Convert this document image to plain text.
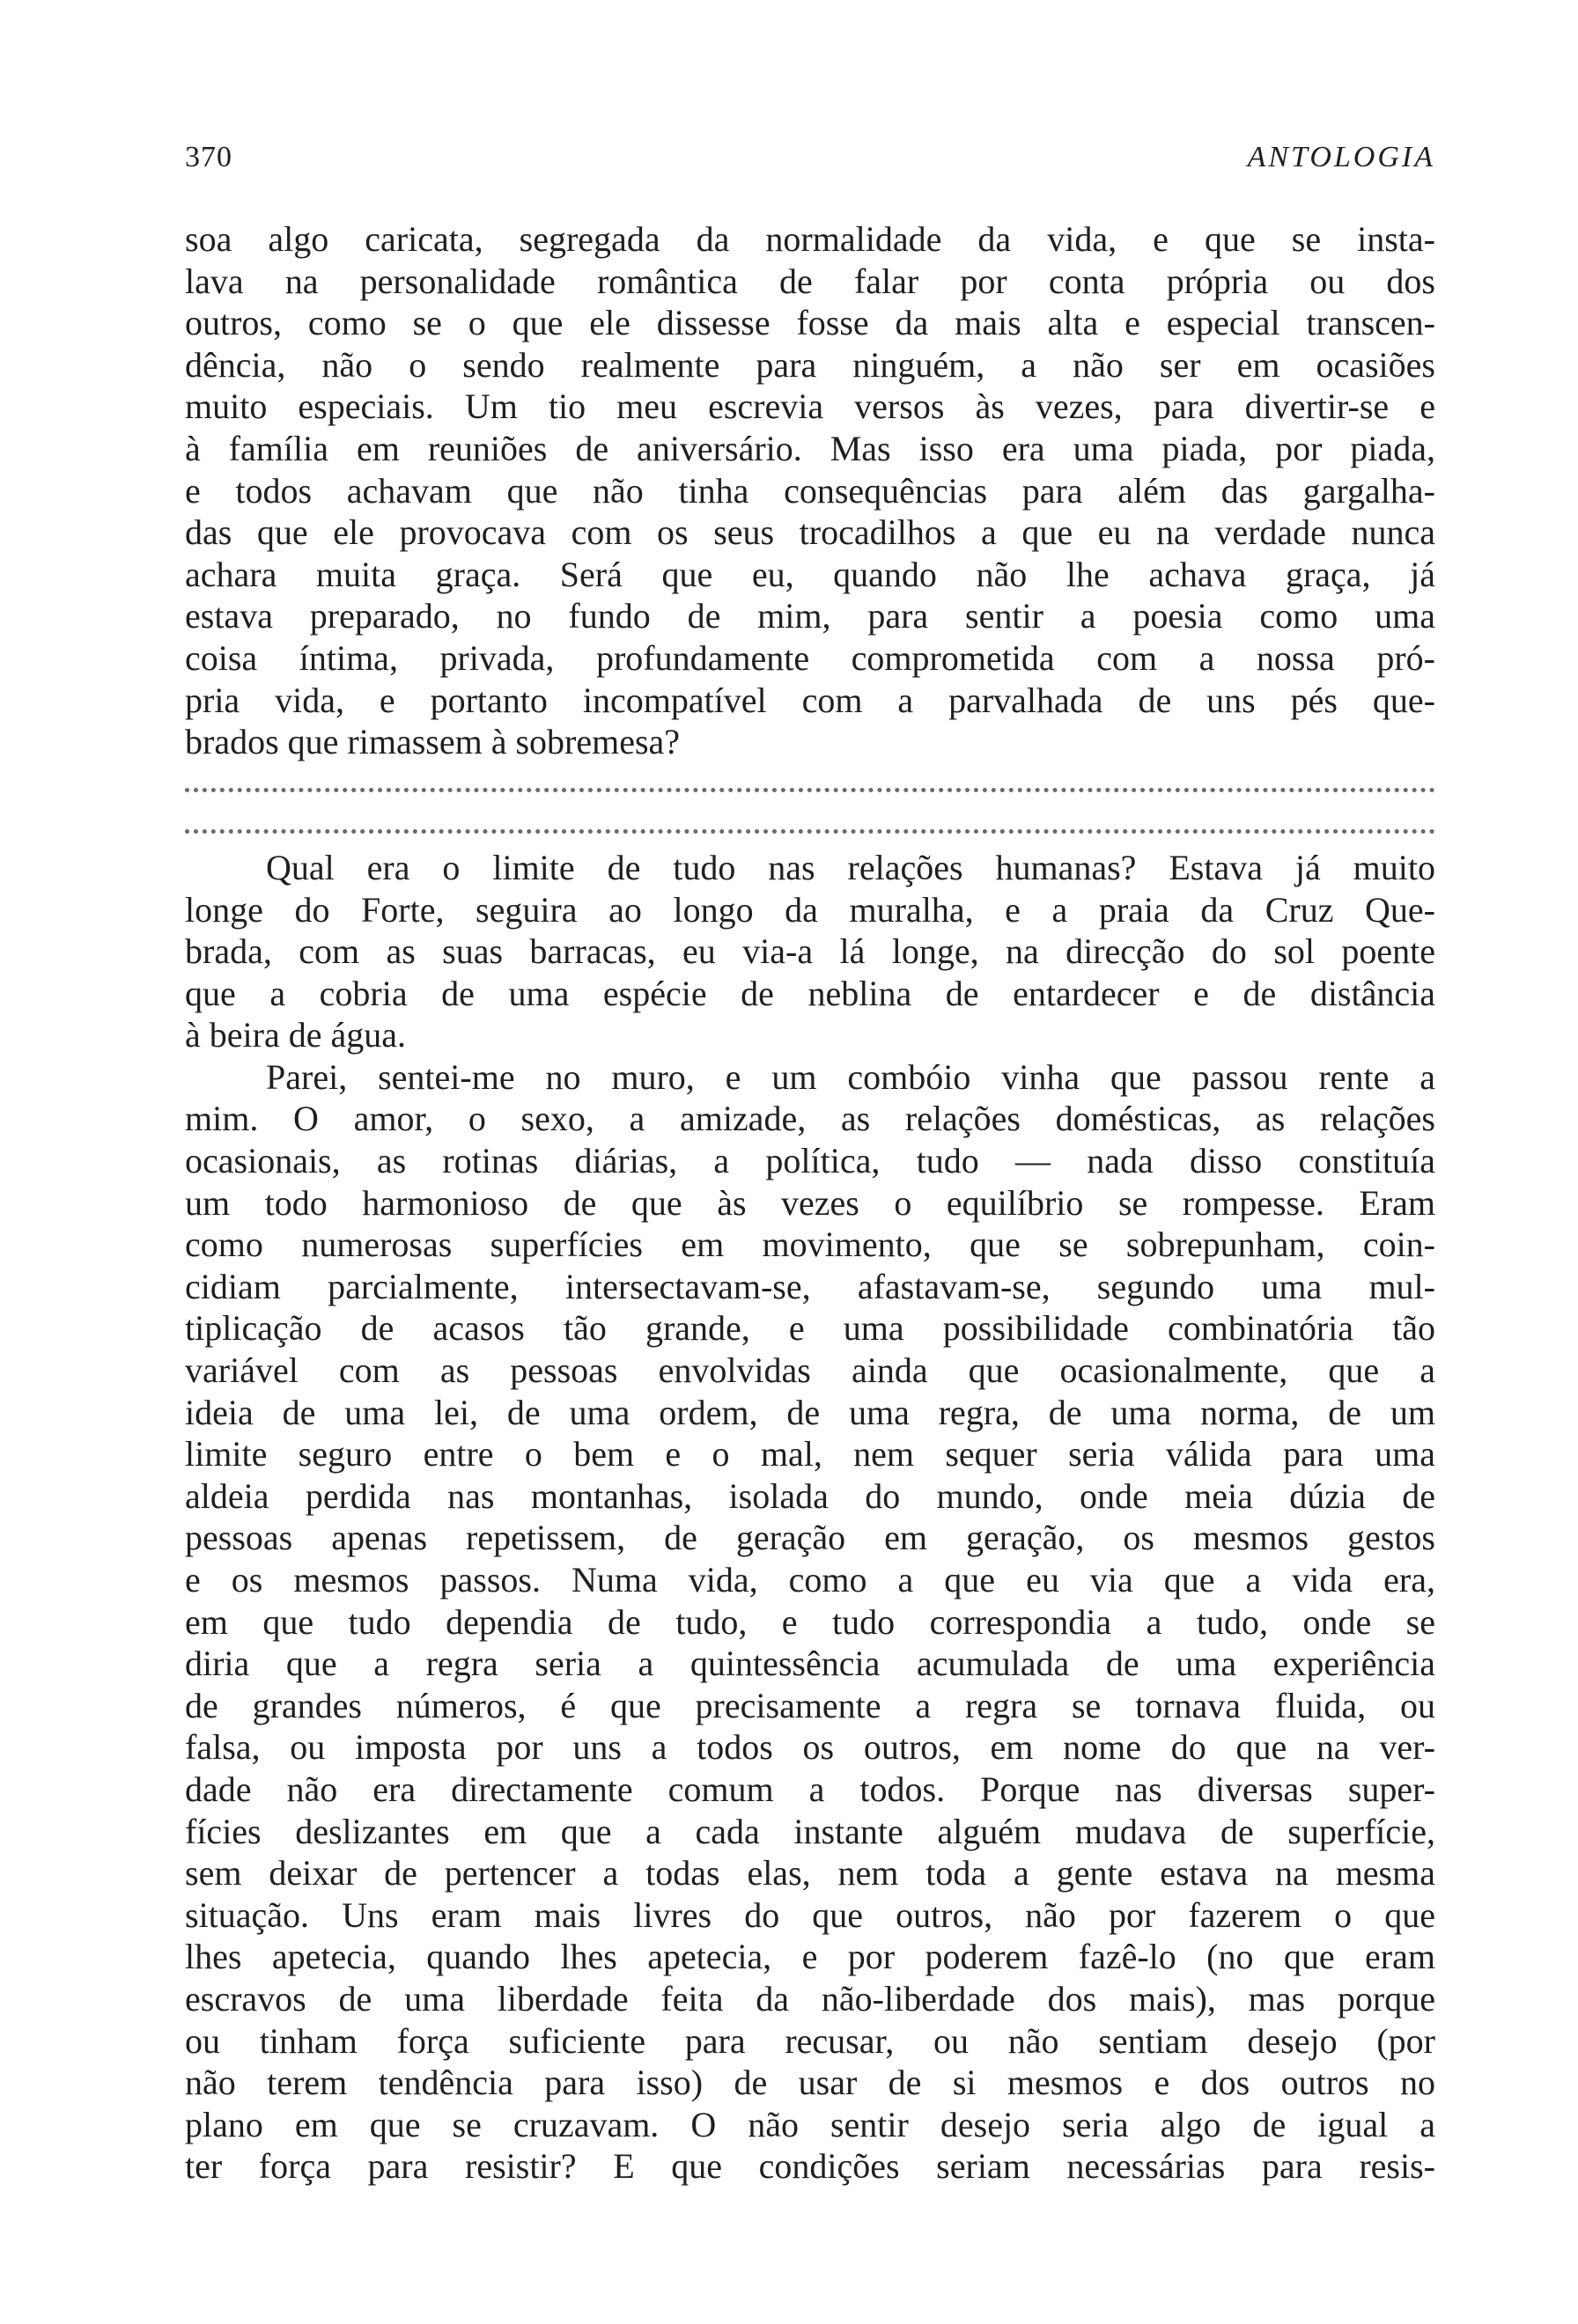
370	ANTOLOGIA
soa algo caricata, segregada da normalidade da vida, e que se insta-
lava na personalidade romântica de falar por conta própria ou dos
outros, como se o que ele dissesse fosse da mais alta e especial transcen-
dência, não o sendo realmente para ninguém, a não ser em ocasiões
muito especiais. Um tio meu escrevia versos às vezes, para divertir-se e
à família em reuniões de aniversário. Mas isso era uma piada, por piada,
e todos achavam que não tinha consequências para além das gargalha-
das que ele provocava com os seus trocadilhos a que eu na verdade nunca
achara muita graça. Será que eu, quando não lhe achava graça, já
estava preparado, no fundo de mim, para sentir a poesia como uma
coisa íntima, privada, profundamente comprometida com a nossa pró-
pria vida, e portanto incompatível com a parvalhada de uns pés que-
brados que rimassem à sobremesa?
Qual era o limite de tudo nas relações humanas? Estava já muito
longe do Forte, seguira ao longo da muralha, e a praia da Cruz Que-
brada, com as suas barracas, eu via-a lá longe, na direcção do sol poente
que a cobria de uma espécie de neblina de entardecer e de distância
à beira de água.
Parei, sentei-me no muro, e um combóio vinha que passou rente a
mim. O amor, o sexo, a amizade, as relações domésticas, as relações
ocasionais, as rotinas diárias, a política, tudo — nada disso constituía
um todo harmonioso de que às vezes o equilíbrio se rompesse. Eram
como numerosas superfícies em movimento, que se sobrepunham, coin-
cidiam parcialmente, intersectavam-se, afastavam-se, segundo uma mul-
tiplicação de acasos tão grande, e uma possibilidade combinatória tão
variável com as pessoas envolvidas ainda que ocasionalmente, que a
ideia de uma lei, de uma ordem, de uma regra, de uma norma, de um
limite seguro entre o bem e o mal, nem sequer seria válida para uma
aldeia perdida nas montanhas, isolada do mundo, onde meia dúzia de
pessoas apenas repetissem, de geração em geração, os mesmos gestos
e os mesmos passos. Numa vida, como a que eu via que a vida era,
em que tudo dependia de tudo, e tudo correspondia a tudo, onde se
diria que a regra seria a quintessência acumulada de uma experiência
de grandes números, é que precisamente a regra se tornava fluida, ou
falsa, ou imposta por uns a todos os outros, em nome do que na ver-
dade não era directamente comum a todos. Porque nas diversas super-
fícies deslizantes em que a cada instante alguém mudava de superfície,
sem deixar de pertencer a todas elas, nem toda a gente estava na mesma
situação. Uns eram mais livres do que outros, não por fazerem o que
lhes apetecia, quando lhes apetecia, e por poderem fazê-lo (no que eram
escravos de uma liberdade feita da não-liberdade dos mais), mas porque
ou tinham força suficiente para recusar, ou não sentiam desejo (por
não terem tendência para isso) de usar de si mesmos e dos outros no
plano em que se cruzavam. O não sentir desejo seria algo de igual a
ter força para resistir? E que condições seriam necessárias para resis-
